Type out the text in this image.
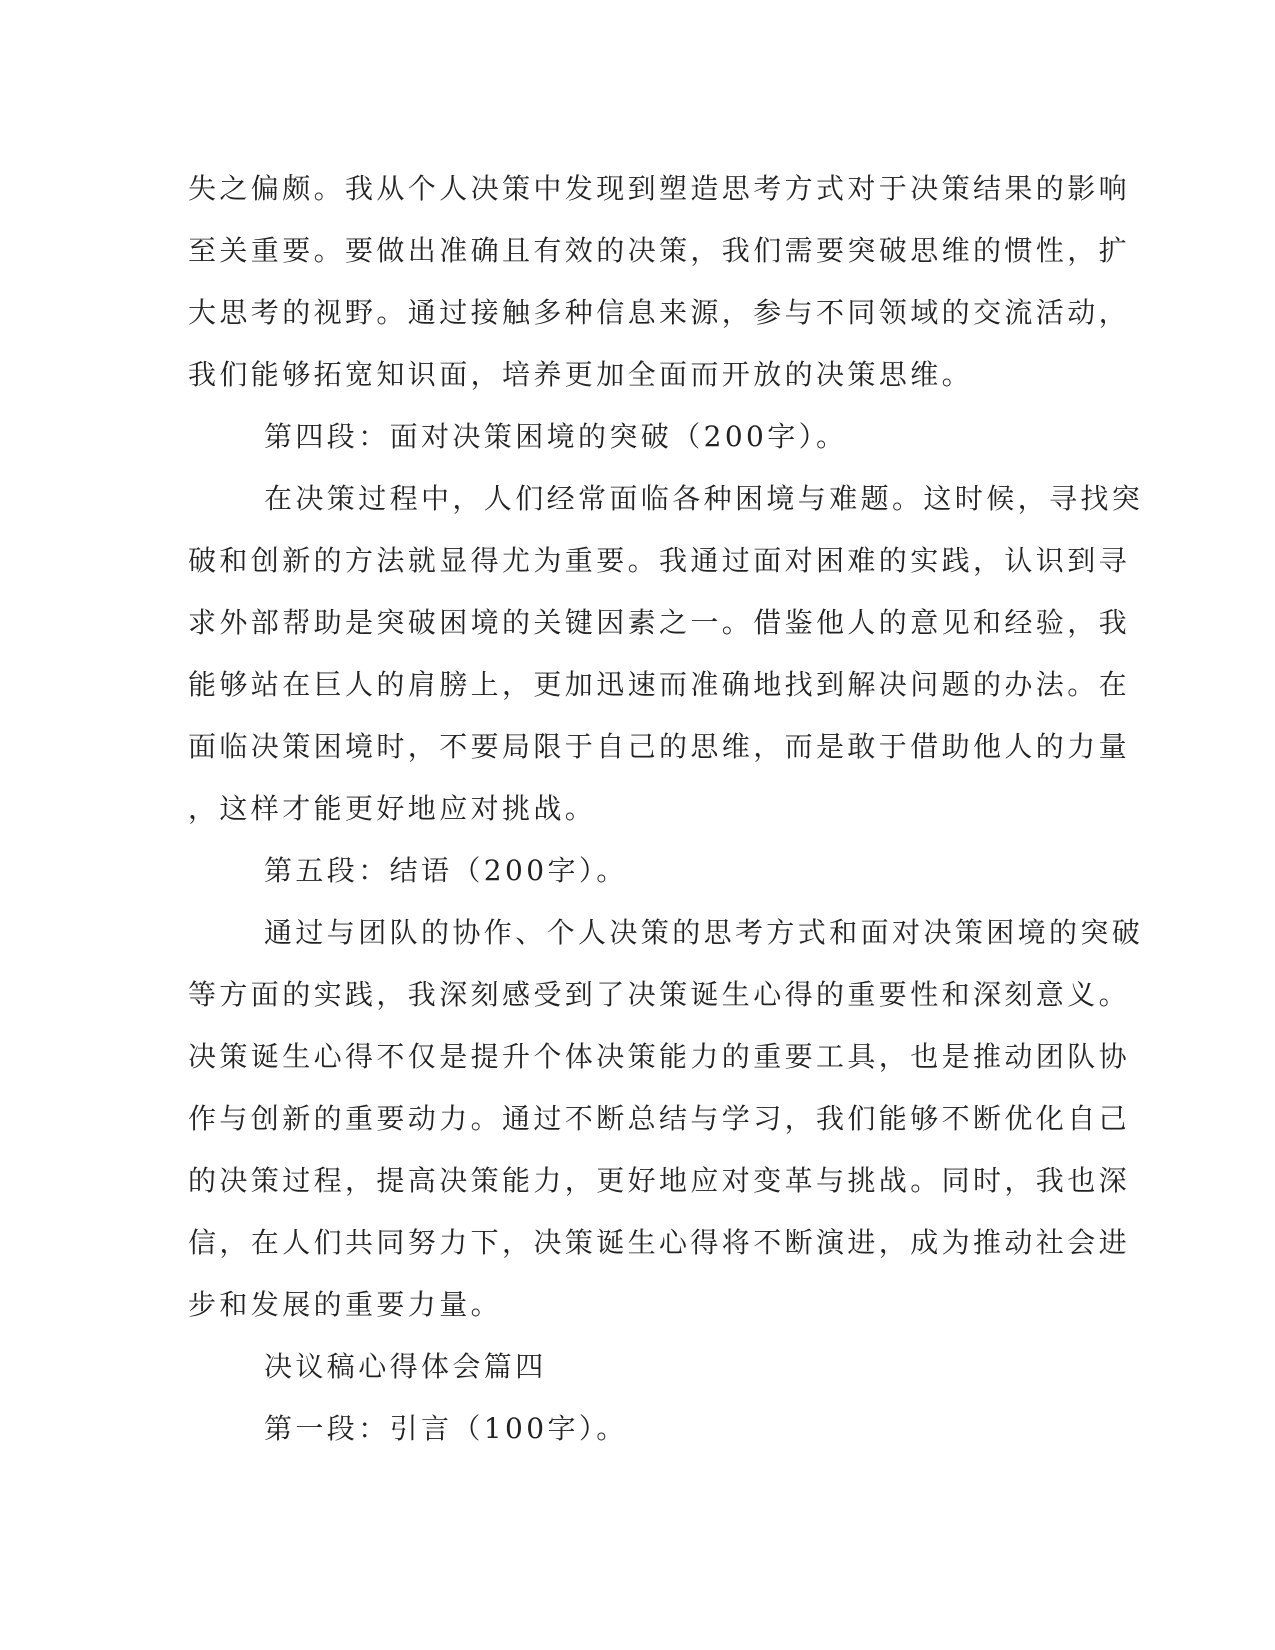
失之偏颇。我从个人决策中发现到塑造思考方式对于决策结果的影响
至关重要。要做出准确且有效的决策，我们需要突破思维的惯性，扩
大思考的视野。通过接触多种信息来源，参与不同领域的交流活动，
我们能够拓宽知识面，培养更加全面而开放的决策思维。
第四段：面对决策困境的突破（200字）。
在决策过程中，人们经常面临各种困境与难题。这时候，寻找突
破和创新的方法就显得尤为重要。我通过面对困难的实践，认识到寻
求外部帮助是突破困境的关键因素之一。借鉴他人的意见和经验，我
能够站在巨人的肩膀上，更加迅速而准确地找到解决问题的办法。在
面临决策困境时，不要局限于自己的思维，而是敢于借助他人的力量
，这样才能更好地应对挑战。
第五段：结语（200字）。
通过与团队的协作、个人决策的思考方式和面对决策困境的突破
等方面的实践，我深刻感受到了决策诞生心得的重要性和深刻意义。
决策诞生心得不仅是提升个体决策能力的重要工具，也是推动团队协
作与创新的重要动力。通过不断总结与学习，我们能够不断优化自己
的决策过程，提高决策能力，更好地应对变革与挑战。同时，我也深
信，在人们共同努力下，决策诞生心得将不断演进，成为推动社会进
步和发展的重要力量。
决议稿心得体会篇四
第一段：引言（100字）。
